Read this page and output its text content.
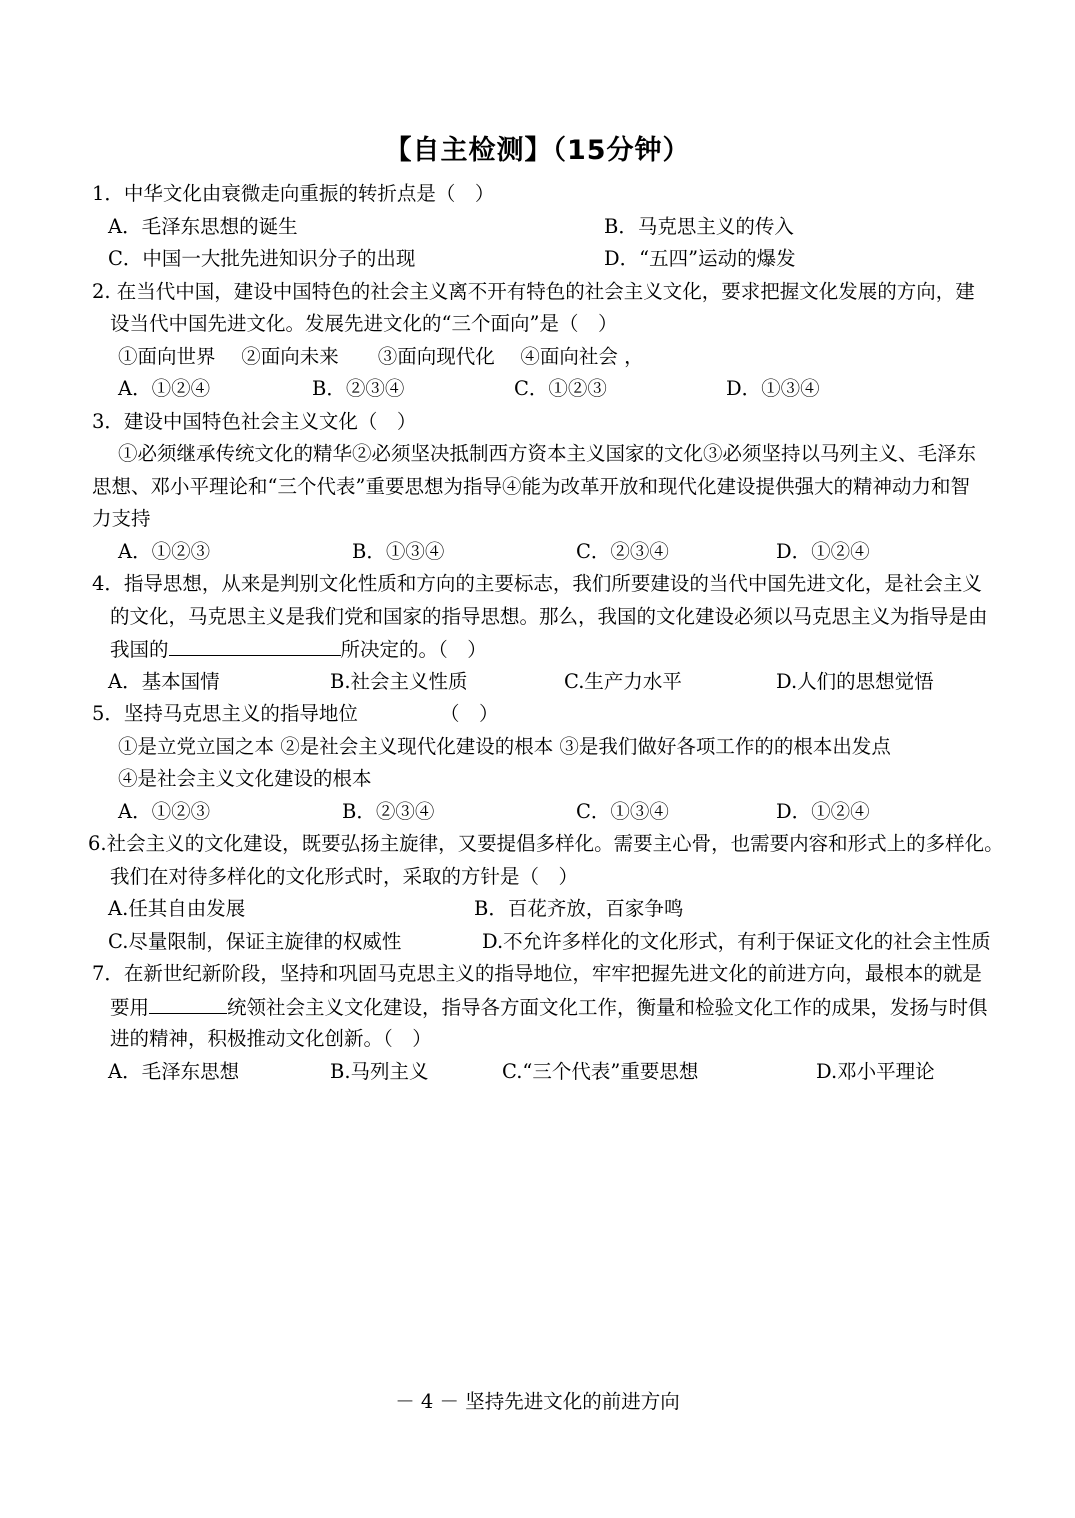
【自主检测】（15分钟）
1．中华文化由衰微走向重振的转折点是（　）
A．毛泽东思想的诞生	B．马克思主义的传入
C．中国一大批先进知识分子的出现	D．“五四”运动的爆发
2. 在当代中国，建设中国特色的社会主义离不开有特色的社会主义文化，要求把握文化发展的方向，建
设当代中国先进文化。发展先进文化的“三个面向”是（　）
①面向世界　 ②面向未来　　③面向现代化　 ④面向社会 ，
A．①②④	B．②③④	C．①②③	D．①③④
3．建设中国特色社会主义文化（　）
①必须继承传统文化的精华②必须坚决抵制西方资本主义国家的文化③必须坚持以马列主义、毛泽东
思想、邓小平理论和“三个代表”重要思想为指导④能为改革开放和现代化建设提供强大的精神动力和智
力支持
A．①②③	B．①③④	C．②③④	D．①②④
4．指导思想，从来是判别文化性质和方向的主要标志，我们所要建设的当代中国先进文化，是社会主义
的文化，马克思主义是我们党和国家的指导思想。那么，我国的文化建设必须以马克思主义为指导是由
我国的	所决定的。（　）
A．基本国情	B.社会主义性质	C.生产力水平	D.人们的思想觉悟
5．坚持马克思主义的指导地位	（　）
①是立党立国之本 ②是社会主义现代化建设的根本 ③是我们做好各项工作的的根本出发点
④是社会主义文化建设的根本
A．①②③	B．②③④	C．①③④	D．①②④
6.社会主义的文化建设，既要弘扬主旋律，又要提倡多样化。需要主心骨，也需要内容和形式上的多样化。
我们在对待多样化的文化形式时，采取的方针是（　）
A.任其自由发展	B．百花齐放，百家争鸣
C.尽量限制，保证主旋律的权威性	D.不允许多样化的文化形式，有利于保证文化的社会主性质
7．在新世纪新阶段，坚持和巩固马克思主义的指导地位，牢牢把握先进文化的前进方向，最根本的就是
要用	统领社会主义文化建设，指导各方面文化工作，衡量和检验文化工作的成果，发扬与时俱
进的精神，积极推动文化创新。（　）
A．毛泽东思想	B.马列主义	C.“三个代表”重要思想	D.邓小平理论
－ 4 － 坚持先进文化的前进方向
